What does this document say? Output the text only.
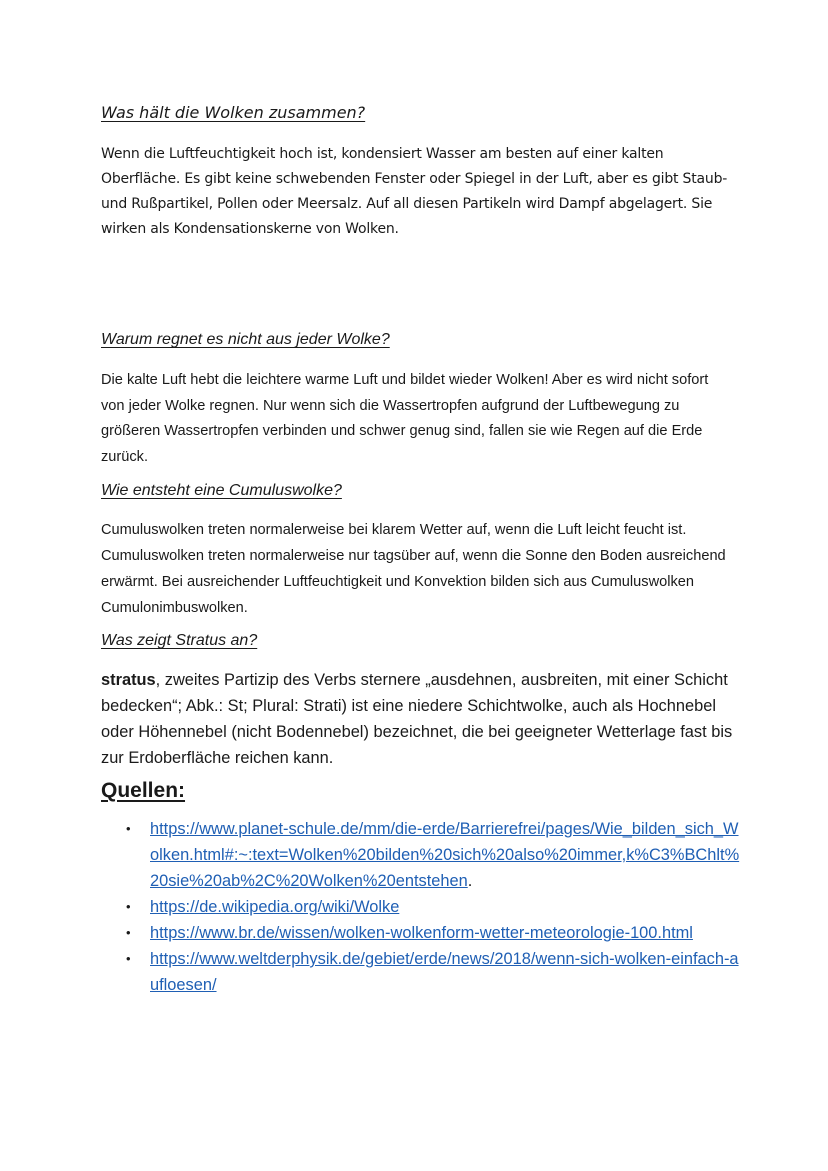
Was hält die Wolken zusammen?

Wenn die Luftfeuchtigkeit hoch ist, kondensiert Wasser am besten auf einer kalten Oberfläche. Es gibt keine schwebenden Fenster oder Spiegel in der Luft, aber es gibt Staub- und Rußpartikel, Pollen oder Meersalz. Auf all diesen Partikeln wird Dampf abgelagert. Sie wirken als Kondensationskerne von Wolken.

Warum regnet es nicht aus jeder Wolke?

Die kalte Luft hebt die leichtere warme Luft und bildet wieder Wolken! Aber es wird nicht sofort von jeder Wolke regnen. Nur wenn sich die Wassertropfen aufgrund der Luftbewegung zu größeren Wassertropfen verbinden und schwer genug sind, fallen sie wie Regen auf die Erde zurück.

Wie entsteht eine Cumuluswolke?

Cumuluswolken treten normalerweise bei klarem Wetter auf, wenn die Luft leicht feucht ist. Cumuluswolken treten normalerweise nur tagsüber auf, wenn die Sonne den Boden ausreichend erwärmt. Bei ausreichender Luftfeuchtigkeit und Konvektion bilden sich aus Cumuluswolken Cumulonimbuswolken.

Was zeigt Stratus an?

stratus, zweites Partizip des Verbs sternere „ausdehnen, ausbreiten, mit einer Schicht bedecken“; Abk.: St; Plural: Strati) ist eine niedere Schichtwolke, auch als Hochnebel oder Höhennebel (nicht Bodennebel) bezeichnet, die bei geeigneter Wetterlage fast bis zur Erdoberfläche reichen kann.

Quellen:
• https://www.planet-schule.de/mm/die-erde/Barrierefrei/pages/Wie_bilden_sich_Wolken.html#:~:text=Wolken%20bilden%20sich%20also%20immer,k%C3%BChlt%20sie%20ab%2C%20Wolken%20entstehen.
• https://de.wikipedia.org/wiki/Wolke
• https://www.br.de/wissen/wolken-wolkenform-wetter-meteorologie-100.html
• https://www.weltderphysik.de/gebiet/erde/news/2018/wenn-sich-wolken-einfach-aufloesen/
